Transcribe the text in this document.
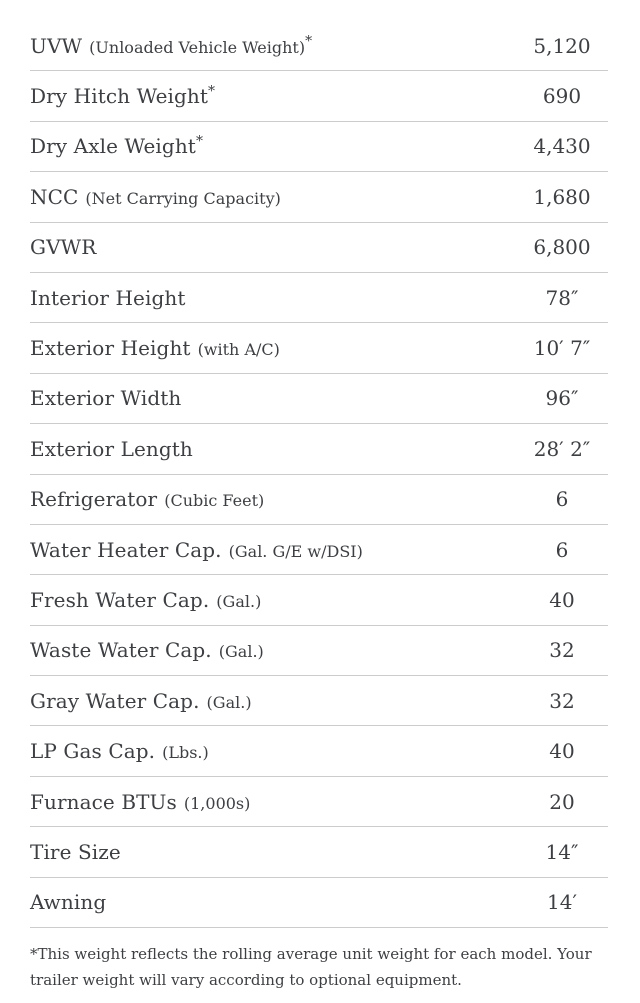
UVW (Unloaded Vehicle Weight)*	5,120
Dry Hitch Weight*	690
Dry Axle Weight*	4,430
NCC (Net Carrying Capacity)	1,680
GVWR	6,800
Interior Height	78″
Exterior Height (with A/C)	10′ 7″
Exterior Width	96″
Exterior Length	28′ 2″
Refrigerator (Cubic Feet)	6
Water Heater Cap. (Gal. G/E w/DSI)	6
Fresh Water Cap. (Gal.)	40
Waste Water Cap. (Gal.)	32
Gray Water Cap. (Gal.)	32
LP Gas Cap. (Lbs.)	40
Furnace BTUs (1,000s)	20
Tire Size	14″
Awning	14′

*This weight reflects the rolling average unit weight for each model. Your trailer weight will vary according to optional equipment.
